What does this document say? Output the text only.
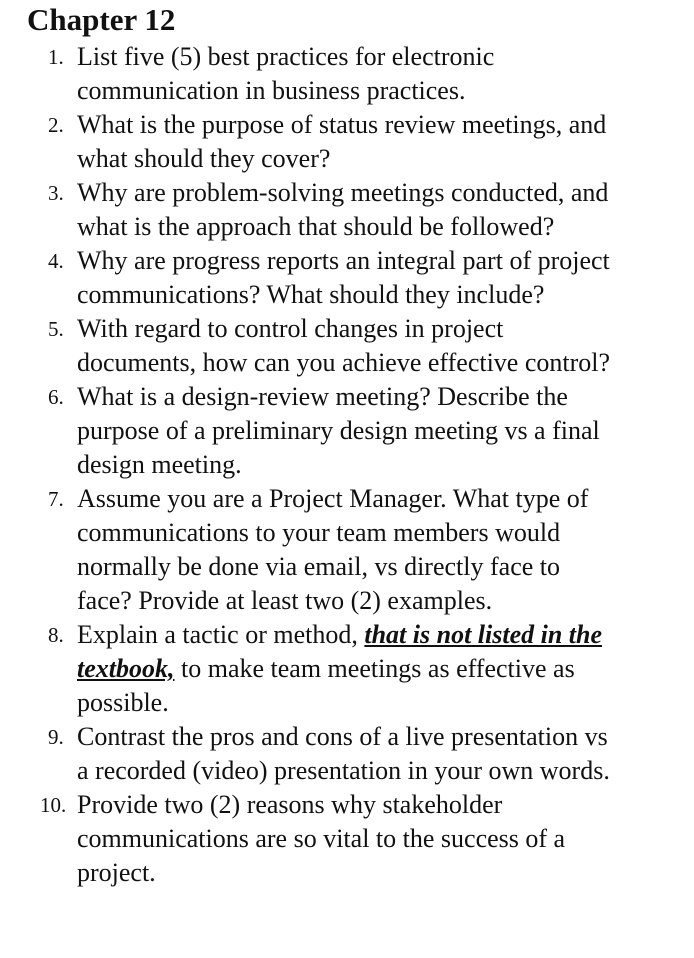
Chapter 12
1. List five (5) best practices for electronic
communication in business practices.
2. What is the purpose of status review meetings, and
what should they cover?
3. Why are problem-solving meetings conducted, and
what is the approach that should be followed?
4. Why are progress reports an integral part of project
communications? What should they include?
5. With regard to control changes in project
documents, how can you achieve effective control?
6. What is a design-review meeting? Describe the
purpose of a preliminary design meeting vs a final
design meeting.
7. Assume you are a Project Manager. What type of
communications to your team members would
normally be done via email, vs directly face to
face? Provide at least two (2) examples.
8. Explain a tactic or method, that is not listed in the
textbook, to make team meetings as effective as
possible.
9. Contrast the pros and cons of a live presentation vs
a recorded (video) presentation in your own words.
10. Provide two (2) reasons why stakeholder
communications are so vital to the success of a
project.
